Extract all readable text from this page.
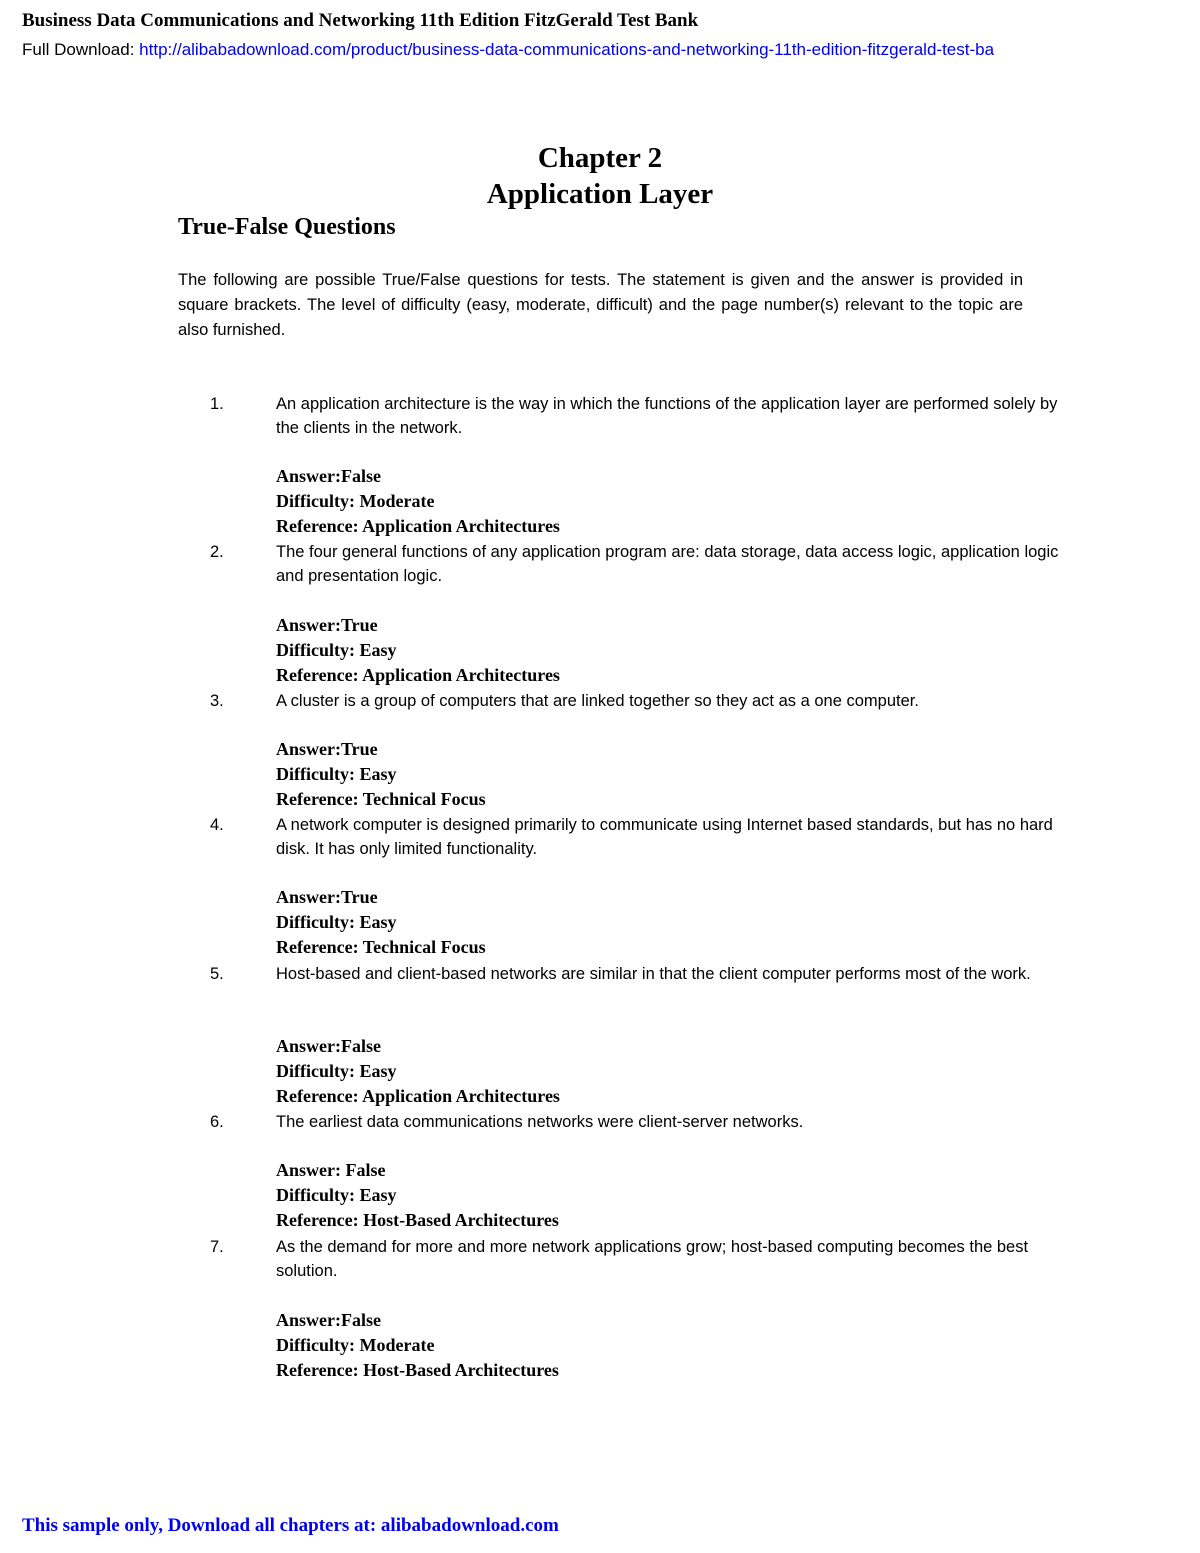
Business Data Communications and Networking 11th Edition FitzGerald Test Bank
Full Download: http://alibabadownload.com/product/business-data-communications-and-networking-11th-edition-fitzgerald-test-ba
Chapter 2
Application Layer
True-False Questions
The following are possible True/False questions for tests. The statement is given and the answer is provided in square brackets. The level of difficulty (easy, moderate, difficult) and the page number(s) relevant to the topic are also furnished.
1.	An application architecture is the way in which the functions of the application layer are performed solely by the clients in the network.
Answer:False
Difficulty: Moderate
Reference: Application Architectures
2.	The four general functions of any application program are: data storage, data access logic, application logic and presentation logic.
Answer:True
Difficulty: Easy
Reference: Application Architectures
3.	A cluster is a group of computers that are linked together so they act as a one computer.
Answer:True
Difficulty: Easy
Reference: Technical Focus
4.	A network computer is designed primarily to communicate using Internet based standards, but has no hard disk. It has only limited functionality.
Answer:True
Difficulty: Easy
Reference: Technical Focus
5.	Host-based and client-based networks are similar in that the client computer performs most of the work.
Answer:False
Difficulty: Easy
Reference: Application Architectures
6.	The earliest data communications networks were client-server networks.
Answer: False
Difficulty: Easy
Reference: Host-Based Architectures
7.	As the demand for more and more network applications grow; host-based computing becomes the best solution.
Answer:False
Difficulty: Moderate
Reference: Host-Based Architectures
This sample only, Download all chapters at: alibabadownload.com
